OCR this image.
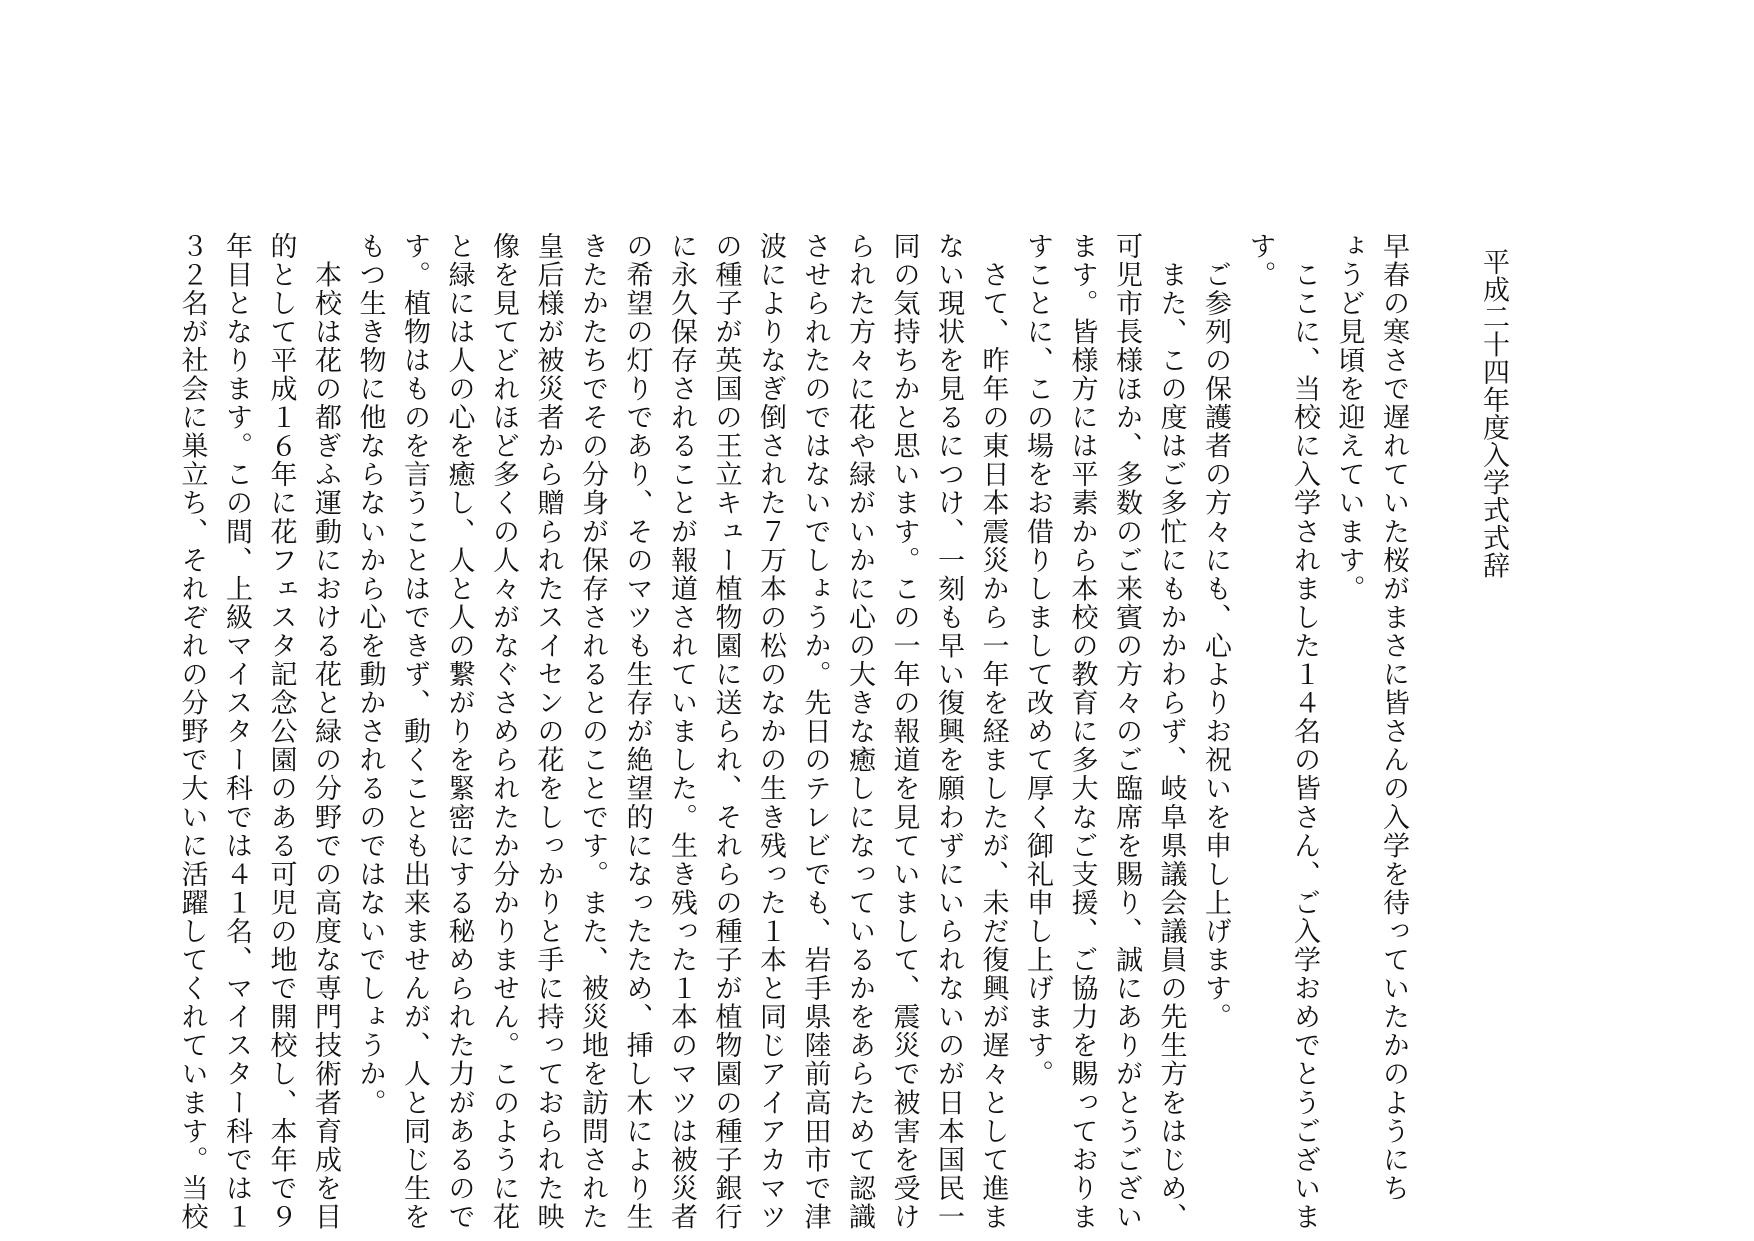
平成二十四年度入学式式辞
早春の寒さで遅れていた桜がまさに皆さんの入学を待っていたかのようにち
ょうど見頃を迎えています。
　ここに、当校に入学されました１４名の皆さん、ご入学おめでとうございま
す。
　ご参列の保護者の方々にも、心よりお祝いを申し上げます。
　また、この度はご多忙にもかかわらず、岐阜県議会議員の先生方をはじめ、
可児市長様ほか、多数のご来賓の方々のご臨席を賜り、誠にありがとうござい
ます。皆様方には平素から本校の教育に多大なご支援、ご協力を賜っておりま
すことに、この場をお借りしまして改めて厚く御礼申し上げます。
　さて、昨年の東日本震災から一年を経ましたが、未だ復興が遅々として進ま
ない現状を見るにつけ、一刻も早い復興を願わずにいられないのが日本国民一
同の気持ちかと思います。この一年の報道を見ていまして、震災で被害を受け
られた方々に花や緑がいかに心の大きな癒しになっているかをあらためて認識
させられたのではないでしょうか。先日のテレビでも、岩手県陸前高田市で津
波によりなぎ倒された７万本の松のなかの生き残った１本と同じアイアカマツ
の種子が英国の王立キュー植物園に送られ、それらの種子が植物園の種子銀行
に永久保存されることが報道されていました。生き残った１本のマツは被災者
の希望の灯りであり、そのマツも生存が絶望的になったため、挿し木により生
きたかたちでその分身が保存されるとのことです。また、被災地を訪問された
皇后様が被災者から贈られたスイセンの花をしっかりと手に持っておられた映
像を見てどれほど多くの人々がなぐさめられたか分かりません。このように花
と緑には人の心を癒し、人と人の繋がりを緊密にする秘められた力があるので
す。植物はものを言うことはできず、動くことも出来ませんが、人と同じ生を
もつ生き物に他ならないから心を動かされるのではないでしょうか。
　本校は花の都ぎふ運動における花と緑の分野での高度な専門技術者育成を目
的として平成１６年に花フェスタ記念公園のある可児の地で開校し、本年で９
年目となります。この間、上級マイスター科では４１名、マイスター科では１
３２名が社会に巣立ち、それぞれの分野で大いに活躍してくれています。当校
